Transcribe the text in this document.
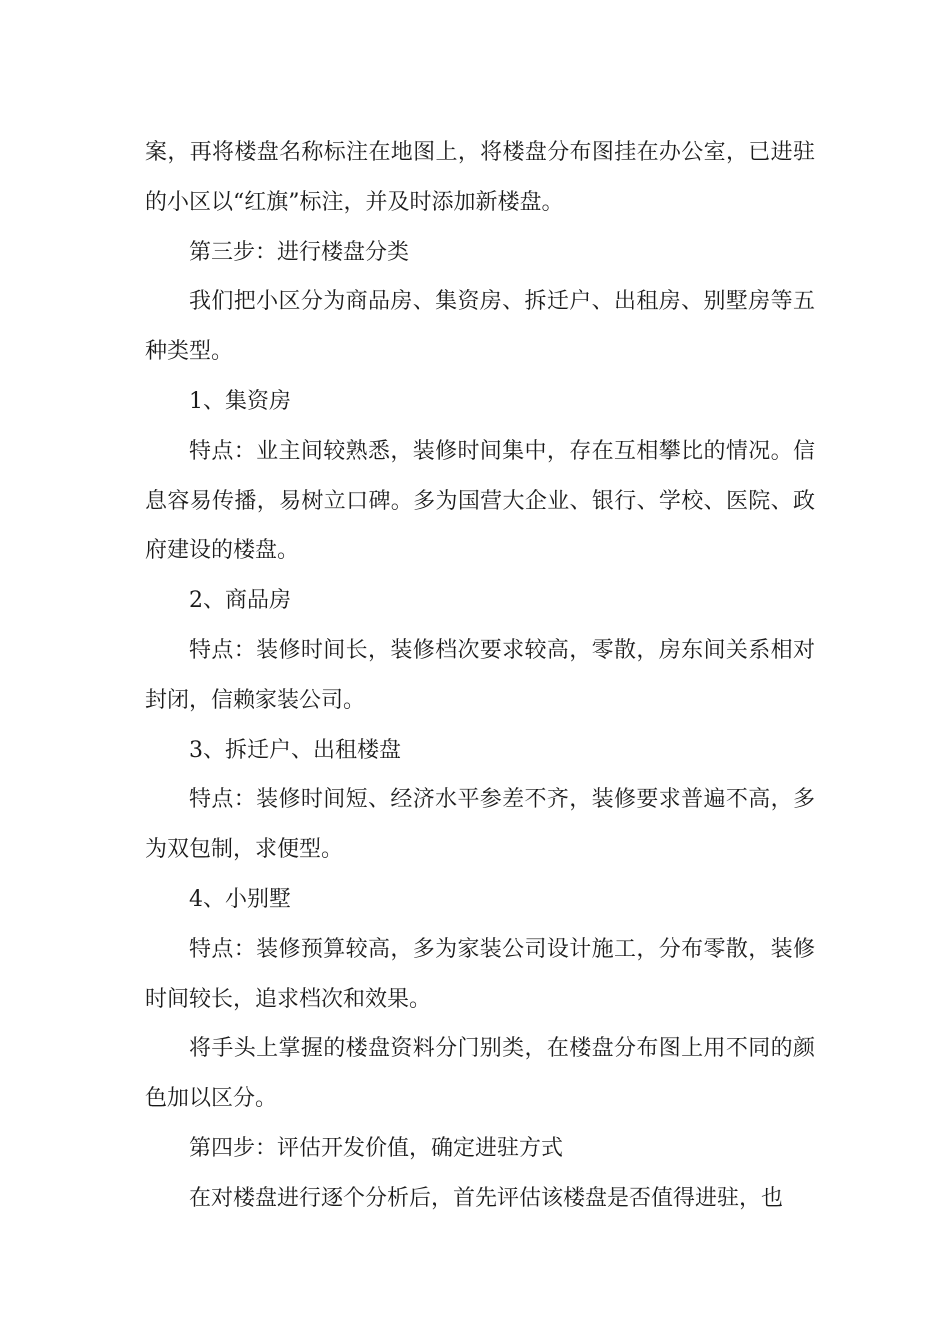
案，再将楼盘名称标注在地图上，将楼盘分布图挂在办公室，已进驻的小区以“红旗”标注，并及时添加新楼盘。

第三步：进行楼盘分类

我们把小区分为商品房、集资房、拆迁户、出租房、别墅房等五种类型。

1、集资房

特点：业主间较熟悉，装修时间集中，存在互相攀比的情况。信息容易传播，易树立口碑。多为国营大企业、银行、学校、医院、政府建设的楼盘。

2、商品房

特点：装修时间长，装修档次要求较高，零散，房东间关系相对封闭，信赖家装公司。

3、拆迁户、出租楼盘

特点：装修时间短、经济水平参差不齐，装修要求普遍不高，多为双包制，求便型。

4、小别墅

特点：装修预算较高，多为家装公司设计施工，分布零散，装修时间较长，追求档次和效果。

将手头上掌握的楼盘资料分门别类，在楼盘分布图上用不同的颜色加以区分。

第四步：评估开发价值，确定进驻方式

在对楼盘进行逐个分析后，首先评估该楼盘是否值得进驻，也
